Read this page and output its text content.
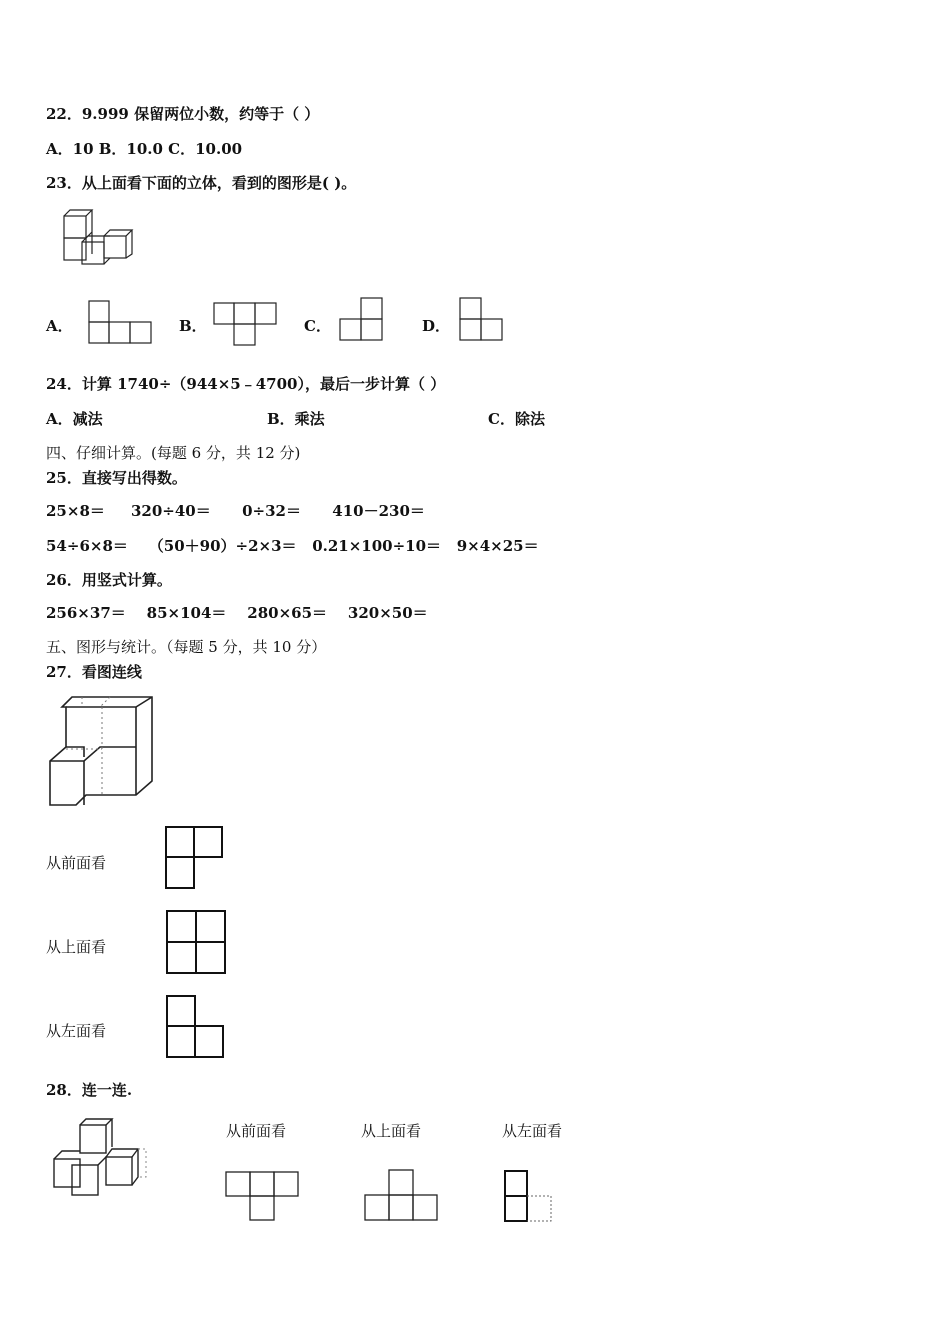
22．9.999 保留两位小数，约等于（ ）
A．10 B．10.0 C．10.00
23．从上面看下面的立体，看到的图形是( )。
A．	B．	C．	D．
24．计算 1740÷（944×5﹣4700），最后一步计算（ ）
A．减法	B．乘法	C．除法
四、仔细计算。(每题 6 分，共 12 分)
25．直接写出得数。
25×8＝     320÷40＝      0÷32＝      410－230＝
54÷6×8＝    （50＋90）÷2×3＝   0.21×100÷10＝   9×4×25＝
26．用竖式计算。
256×37＝    85×104＝    280×65＝    320×50＝
五、图形与统计。（每题 5 分，共 10 分）
27．看图连线
从前面看
从上面看
从左面看
28．连一连.
从前面看	从上面看	从左面看
